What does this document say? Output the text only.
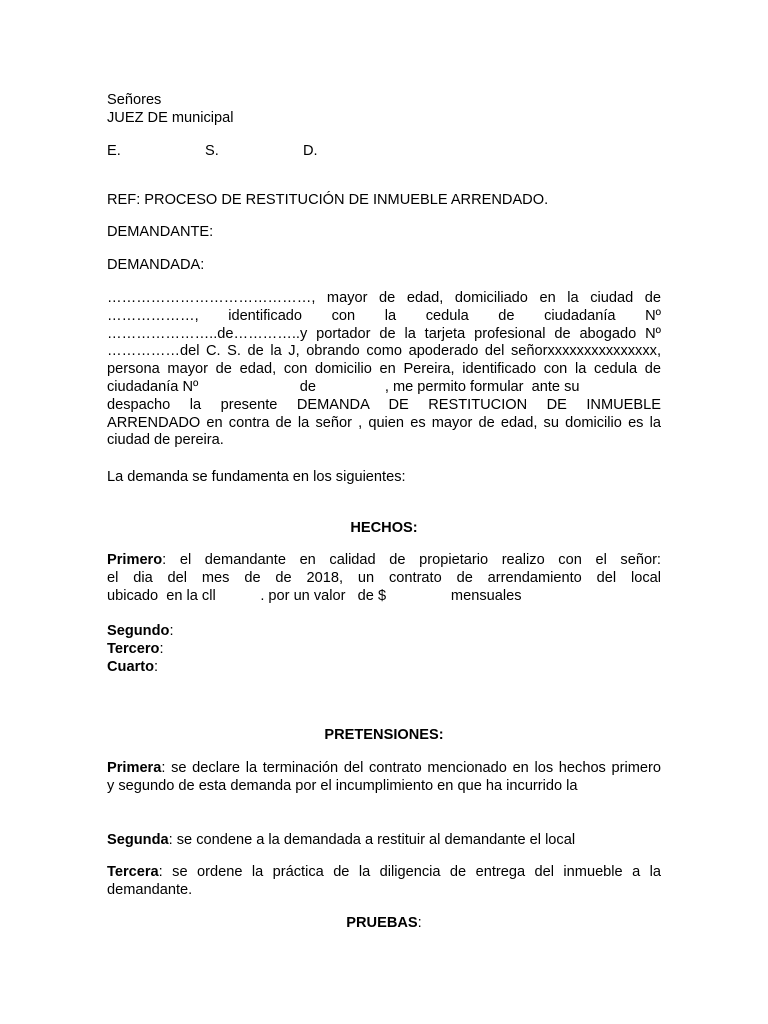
Señores
JUEZ DE municipal
E.	S.	D.
REF: PROCESO DE RESTITUCIÓN DE INMUEBLE ARRENDADO.
DEMANDANTE:
DEMANDADA:
……………………………………, mayor de edad, domiciliado en la ciudad de
………………, identificado con la cedula de ciudadanía Nº
…………………..de…………..y portador de la tarjeta profesional de abogado Nº
……………del C. S. de la J, obrando como apoderado del señorxxxxxxxxxxxxxxx,
persona mayor de edad, con domicilio en Pereira, identificado con la cedula de
ciudadanía Nº                         de                 , me permito formular  ante su
despacho la presente DEMANDA DE RESTITUCION DE INMUEBLE
ARRENDADO en contra de la señor , quien es mayor de edad, su domicilio es la
ciudad de pereira.
La demanda se fundamenta en los siguientes:
HECHOS:
Primero: el demandante en calidad de propietario realizo con el señor:
el dia del mes de de 2018, un contrato de arrendamiento del local
ubicado  en la cll           . por un valor   de $                mensuales
Segundo:
Tercero:
Cuarto:
PRETENSIONES:
Primera: se declare la terminación del contrato mencionado en los hechos primero
y segundo de esta demanda por el incumplimiento en que ha incurrido la
Segunda: se condene a la demandada a restituir al demandante el local
Tercera: se ordene la práctica de la diligencia de entrega del inmueble a la
demandante.
PRUEBAS:
